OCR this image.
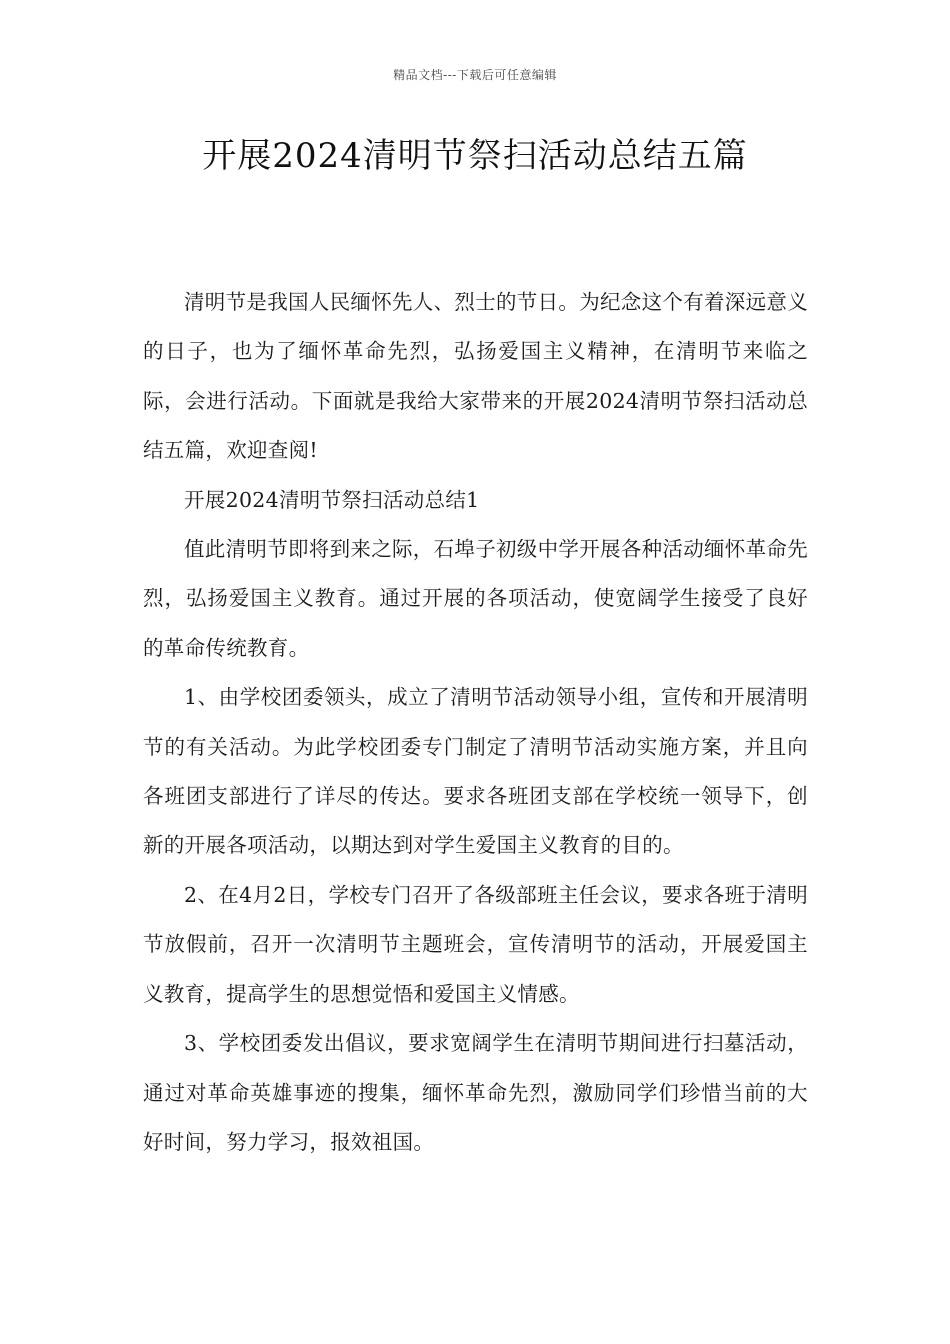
精品文档---下载后可任意编辑
开展2024清明节祭扫活动总结五篇

清明节是我国人民缅怀先人、烈士的节日。为纪念这个有着深远意义的日子，也为了缅怀革命先烈，弘扬爱国主义精神，在清明节来临之际，会进行活动。下面就是我给大家带来的开展2024清明节祭扫活动总结五篇，欢迎查阅!

开展2024清明节祭扫活动总结1

值此清明节即将到来之际，石埠子初级中学开展各种活动缅怀革命先烈，弘扬爱国主义教育。通过开展的各项活动，使宽阔学生接受了良好的革命传统教育。

1、由学校团委领头，成立了清明节活动领导小组，宣传和开展清明节的有关活动。为此学校团委专门制定了清明节活动实施方案，并且向各班团支部进行了详尽的传达。要求各班团支部在学校统一领导下，创新的开展各项活动，以期达到对学生爱国主义教育的目的。

2、在4月2日，学校专门召开了各级部班主任会议，要求各班于清明节放假前，召开一次清明节主题班会，宣传清明节的活动，开展爱国主义教育，提高学生的思想觉悟和爱国主义情感。

3、学校团委发出倡议，要求宽阔学生在清明节期间进行扫墓活动，通过对革命英雄事迹的搜集，缅怀革命先烈，激励同学们珍惜当前的大好时间，努力学习，报效祖国。
